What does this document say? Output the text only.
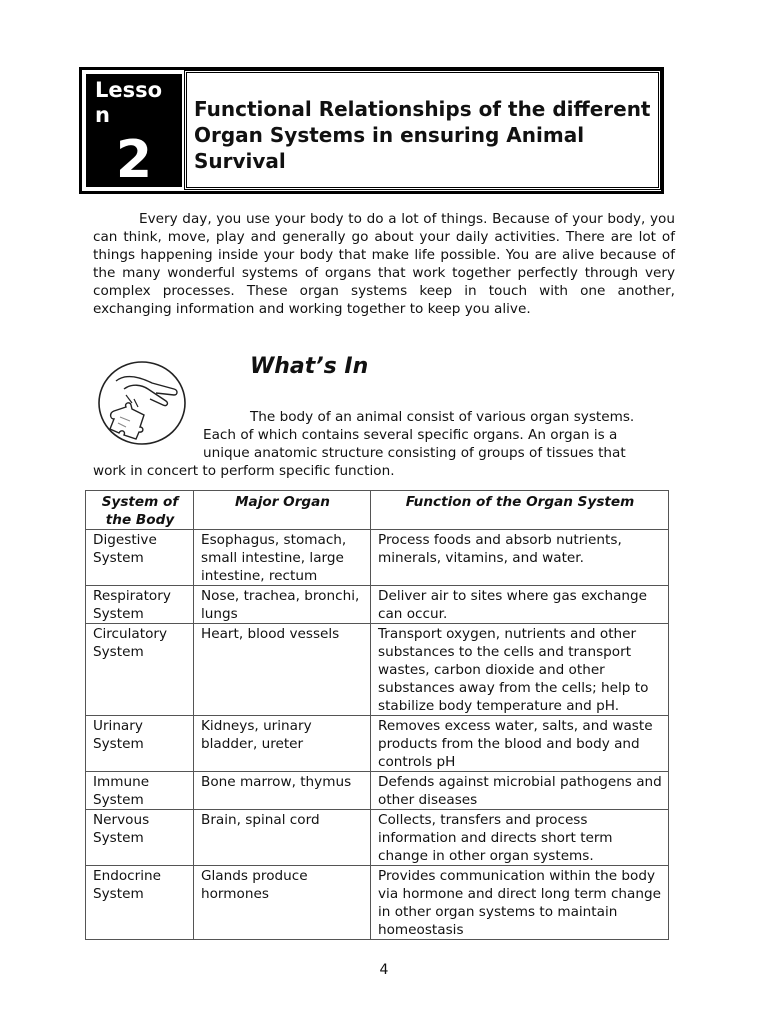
Lesson
2
Functional Relationships of the different Organ Systems in ensuring Animal Survival

Every day, you use your body to do a lot of things. Because of your body, you can think, move, play and generally go about your daily activities. There are lot of things happening inside your body that make life possible. You are alive because of the many wonderful systems of organs that work together perfectly through very complex processes. These organ systems keep in touch with one another, exchanging information and working together to keep you alive.

What’s In

The body of an animal consist of various organ systems.
Each of which contains several specific organs. An organ is a
unique anatomic structure consisting of groups of tissues that
work in concert to perform specific function.

System of the Body	Major Organ	Function of the Organ System
Digestive System	Esophagus, stomach, small intestine, large intestine, rectum	Process foods and absorb nutrients, minerals, vitamins, and water.
Respiratory System	Nose, trachea, bronchi, lungs	Deliver air to sites where gas exchange can occur.
Circulatory System	Heart, blood vessels	Transport oxygen, nutrients and other substances to the cells and transport wastes, carbon dioxide and other substances away from the cells; help to stabilize body temperature and pH.
Urinary System	Kidneys, urinary bladder, ureter	Removes excess water, salts, and waste products from the blood and body and controls pH
Immune System	Bone marrow, thymus	Defends against microbial pathogens and other diseases
Nervous System	Brain, spinal cord	Collects, transfers and process information and directs short term change in other organ systems.
Endocrine System	Glands produce hormones	Provides communication within the body via hormone and direct long term change in other organ systems to maintain homeostasis

4
